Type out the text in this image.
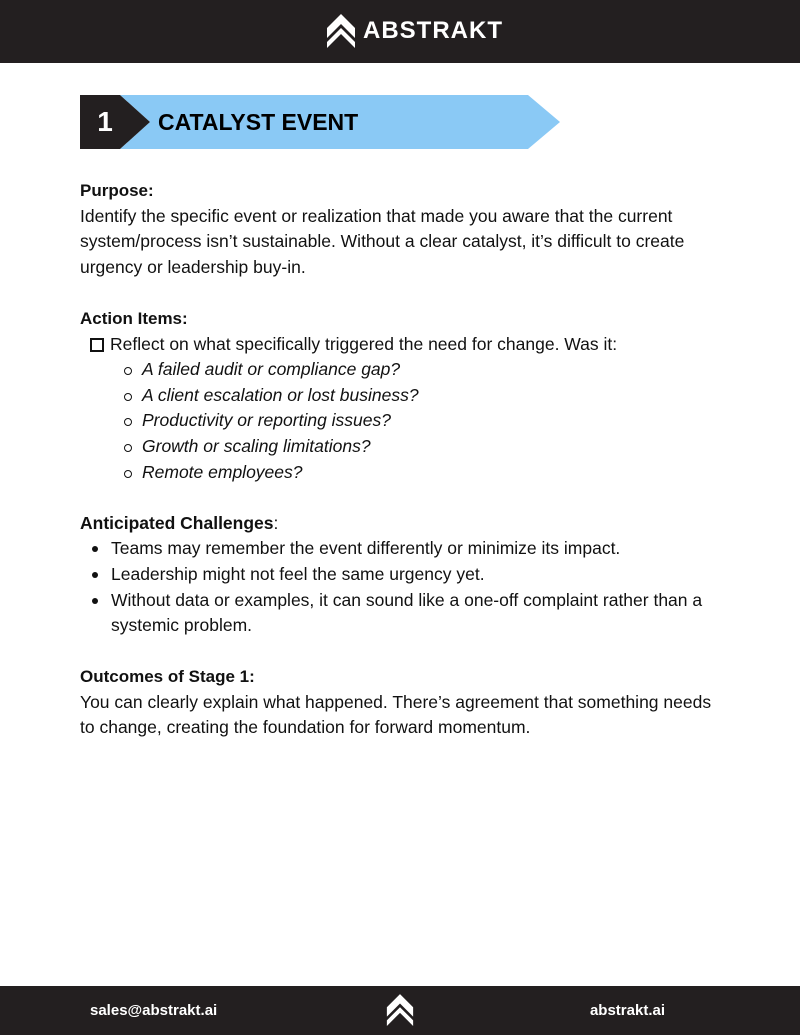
ABSTRAKT
1	CATALYST EVENT
Purpose:

Identify the specific event or realization that made you aware that the current system/process isn’t sustainable. Without a clear catalyst, it’s difficult to create urgency or leadership buy-in.

Action Items:
Reflect on what specifically triggered the need for change. Was it:
A failed audit or compliance gap?
A client escalation or lost business?
Productivity or reporting issues?
Growth or scaling limitations?
Remote employees?

Anticipated Challenges:

Teams may remember the event differently or minimize its impact.
Leadership might not feel the same urgency yet.
Without data or examples, it can sound like a one-off complaint rather than a systemic problem.
Outcomes of Stage 1:

You can clearly explain what happened. There’s agreement that something needs to change, creating the foundation for forward momentum.

sales@abstrakt.ai	abstrakt.ai
